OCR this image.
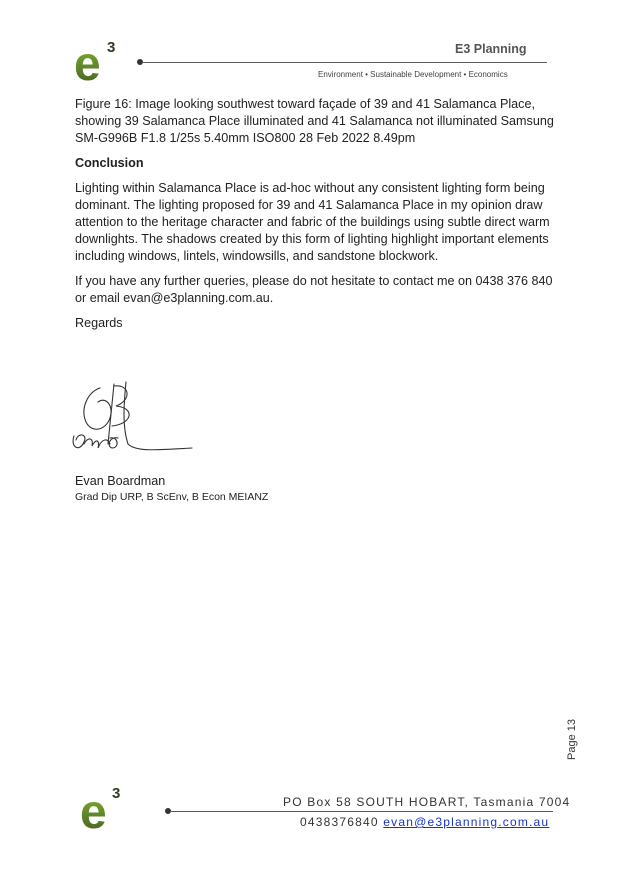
e 3	E3 Planning
Environment • Sustainable Development • Economics

Figure 16: Image looking southwest toward façade of 39 and 41 Salamanca Place, showing 39 Salamanca Place illuminated and 41 Salamanca not illuminated Samsung SM-G996B F1.8 1/25s 5.40mm ISO800 28 Feb 2022 8.49pm

Conclusion

Lighting within Salamanca Place is ad-hoc without any consistent lighting form being dominant. The lighting proposed for 39 and 41 Salamanca Place in my opinion draw attention to the heritage character and fabric of the buildings using subtle direct warm downlights. The shadows created by this form of lighting highlight important elements including windows, lintels, windowsills, and sandstone blockwork.

If you have any further queries, please do not hesitate to contact me on 0438 376 840 or email evan@e3planning.com.au.

Regards

Evan Boardman
Grad Dip URP, B ScEnv, B Econ MEIANZ
Page 13
e 3	PO Box 58 SOUTH HOBART, Tasmania 7004
0438376840 evan@e3planning.com.au
